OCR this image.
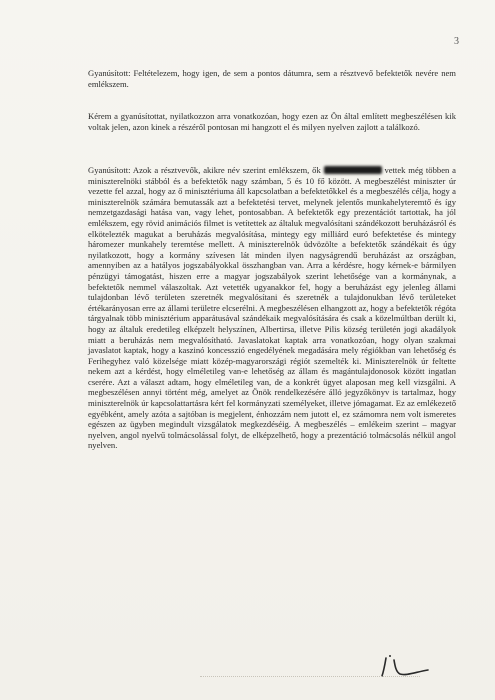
3

Gyanúsított: Feltételezem, hogy igen, de sem a pontos dátumra, sem a résztvevő befektetők nevére nem emlékszem.

Kérem a gyanúsítottat, nyilatkozzon arra vonatkozóan, hogy ezen az Ön által említett megbeszélésen kik voltak jelen, azon kinek a részéről pontosan mi hangzott el és milyen nyelven zajlott a találkozó.

Gyanúsított: Azok a résztvevők, akikre név szerint emlékszem, ők	vettek még többen a miniszterelnöki stábból és a befektetők nagy számban, 5 és 10 fő között. A megbeszélést miniszter úr vezette fel azzal, hogy az ő minisztériuma áll kapcsolatban a befektetőkkel és a megbeszélés célja, hogy a miniszterelnök számára bemutassák azt a befektetési tervet, melynek jelentős munkahelyteremtő és így nemzetgazdasági hatása van, vagy lehet, pontosabban. A befektetők egy prezentációt tartottak, ha jól emlékszem, egy rövid animációs filmet is vetítettek az általuk megvalósítani szándékozott beruházásról és elkötelezték magukat a beruházás megvalósítása, mintegy egy milliárd euró befektetése és mintegy háromezer munkahely teremtése mellett. A miniszterelnök üdvözölte a befektetők szándékait és úgy nyilatkozott, hogy a kormány szívesen lát minden ilyen nagyságrendű beruházást az országban, amennyiben az a hatályos jogszabályokkal összhangban van. Arra a kérdésre, hogy kérnek-e bármilyen pénzügyi támogatást, hiszen erre a magyar jogszabályok szerint lehetősége van a kormánynak, a befektetők nemmel válaszoltak. Azt vetették ugyanakkor fel, hogy a beruházást egy jelenleg állami tulajdonban lévő területen szeretnék megvalósítani és szeretnék a tulajdonukban lévő területeket értékarányosan erre az állami területre elcserélni. A megbeszélésen elhangzott az, hogy a befektetők régóta tárgyalnak több minisztérium apparátusával szándékaik megvalósítására és csak a közelmúltban derült ki, hogy az általuk eredetileg elképzelt helyszínen, Albertirsa, illetve Pilis község területén jogi akadályok miatt a beruházás nem megvalósítható. Javaslatokat kaptak arra vonatkozóan, hogy olyan szakmai javaslatot kaptak, hogy a kaszinó koncesszió engedélyének megadására mely régiókban van lehetőség és Ferihegyhez való közelsége miatt közép-magyarországi régiót szemelték ki. Miniszterelnök úr feltette nekem azt a kérdést, hogy elméletileg van-e lehetőség az állam és magántulajdonosok között ingatlan cserére. Azt a választ adtam, hogy elméletileg van, de a konkrét ügyet alaposan meg kell vizsgálni. A megbeszélésen annyi történt még, amelyet az Önök rendelkezésére álló jegyzőkönyv is tartalmaz, hogy miniszterelnök úr kapcsolattartásra kért fel kormányzati személyeket, illetve jómagamat. Ez az emlékezető egyébként, amely azóta a sajtóban is megjelent, énhozzám nem jutott el, ez számomra nem volt ismeretes egészen az ügyben megindult vizsgálatok megkezdéséig. A megbeszélés – emlékeim szerint – magyar nyelven, angol nyelvű tolmácsolással folyt, de elképzelhető, hogy a prezentáció tolmácsolás nélkül angol nyelven.
